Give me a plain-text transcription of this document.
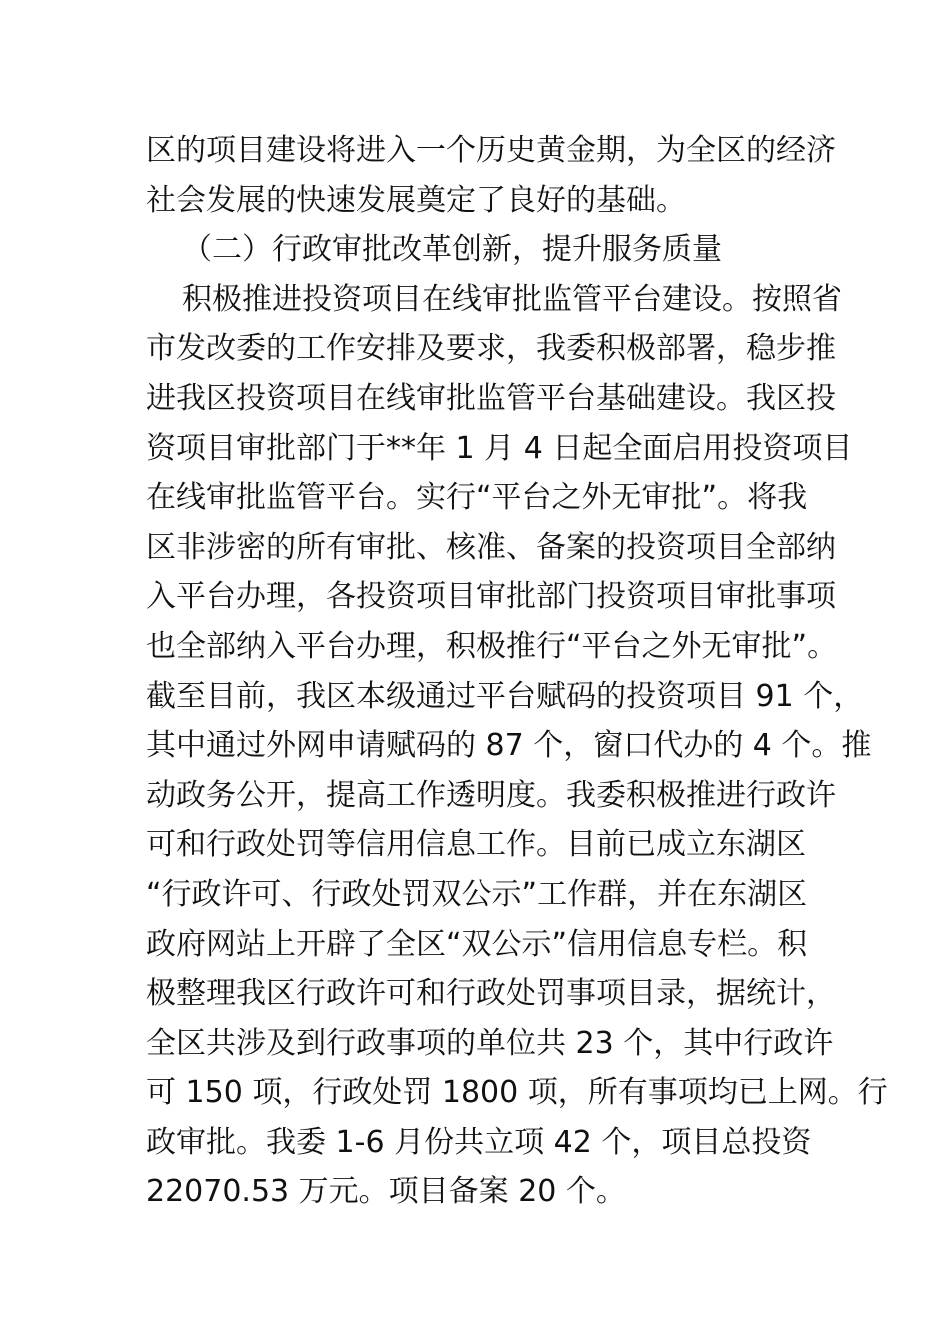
区的项目建设将进入一个历史黄金期，为全区的经济
社会发展的快速发展奠定了良好的基础。
（二）行政审批改革创新，提升服务质量
积极推进投资项目在线审批监管平台建设。按照省
市发改委的工作安排及要求，我委积极部署，稳步推
进我区投资项目在线审批监管平台基础建设。我区投
资项目审批部门于**年 1 月 4 日起全面启用投资项目
在线审批监管平台。实行“平台之外无审批”。将我
区非涉密的所有审批、核准、备案的投资项目全部纳
入平台办理，各投资项目审批部门投资项目审批事项
也全部纳入平台办理，积极推行“平台之外无审批”。
截至目前，我区本级通过平台赋码的投资项目 91 个，
其中通过外网申请赋码的 87 个，窗口代办的 4 个。推
动政务公开，提高工作透明度。我委积极推进行政许
可和行政处罚等信用信息工作。目前已成立东湖区
“行政许可、行政处罚双公示”工作群，并在东湖区
政府网站上开辟了全区“双公示”信用信息专栏。积
极整理我区行政许可和行政处罚事项目录，据统计，
全区共涉及到行政事项的单位共 23 个，其中行政许
可 150 项，行政处罚 1800 项，所有事项均已上网。行
政审批。我委 1-6 月份共立项 42 个，项目总投资
22070.53 万元。项目备案 20 个。
